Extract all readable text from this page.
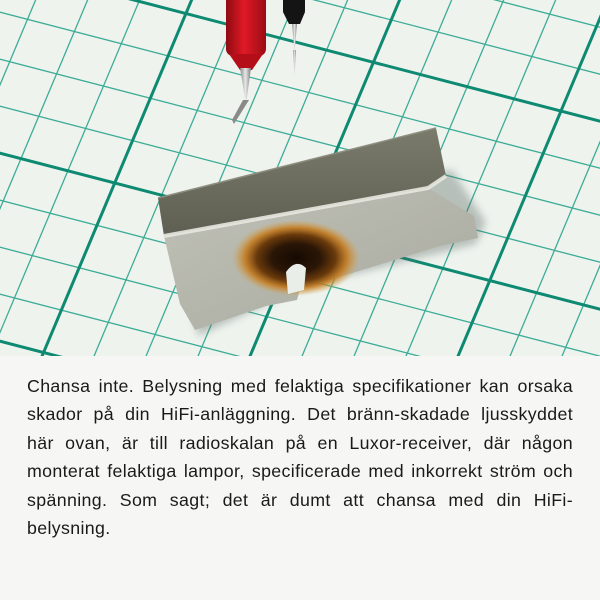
Chansa inte. Belysning med felaktiga specifikationer kan orsaka skador på din HiFi-anläggning. Det bränn-skadade ljusskyddet här ovan, är till radioskalan på en Luxor-receiver, där någon monterat felaktiga lampor, specificerade med inkorrekt ström och spänning. Som sagt; det är dumt att chansa med din HiFi-belysning.
